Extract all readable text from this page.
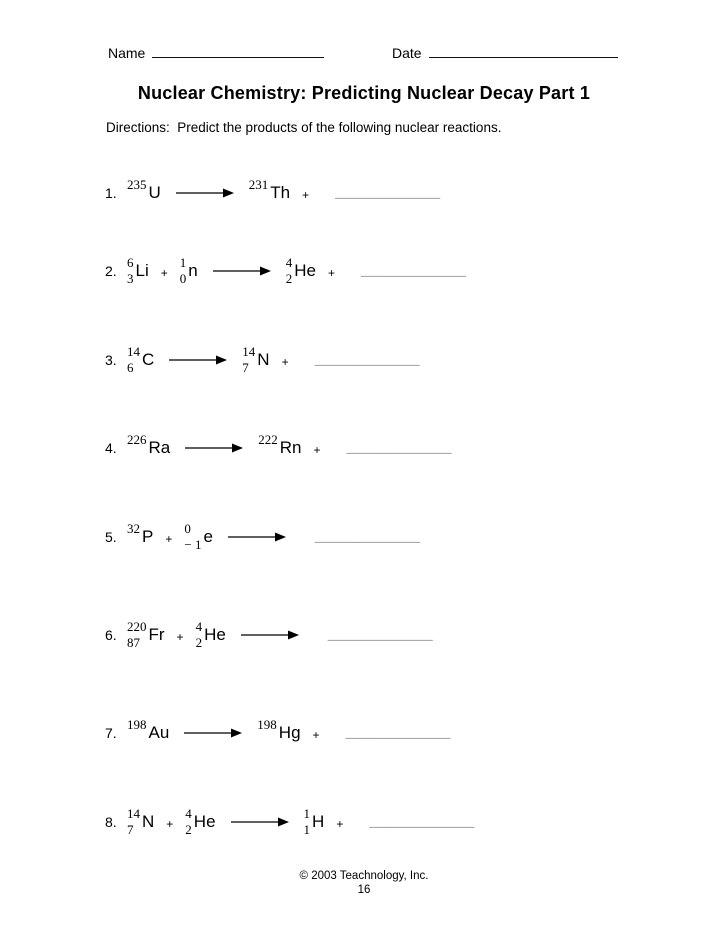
Name	Date
Nuclear Chemistry: Predicting Nuclear Decay Part 1
Directions:  Predict the products of the following nuclear reactions.
1.
235 U →
231 Th + ______________
2.
6
3 Li +
1
0 n →
4
2 He + ______________
3.
14
6 C →
14
7 N + ______________
4.
226 Ra →
222 Rn + ______________
5.
32 P +
0
− 1 e → ______________
6.
220
87 Fr +
4
2 He → ______________
7.
198 Au →
198 Hg + ______________
8.
14
7 N +
4
2 He →
1
1 H + ______________
© 2003 Teachnology, Inc.
16
